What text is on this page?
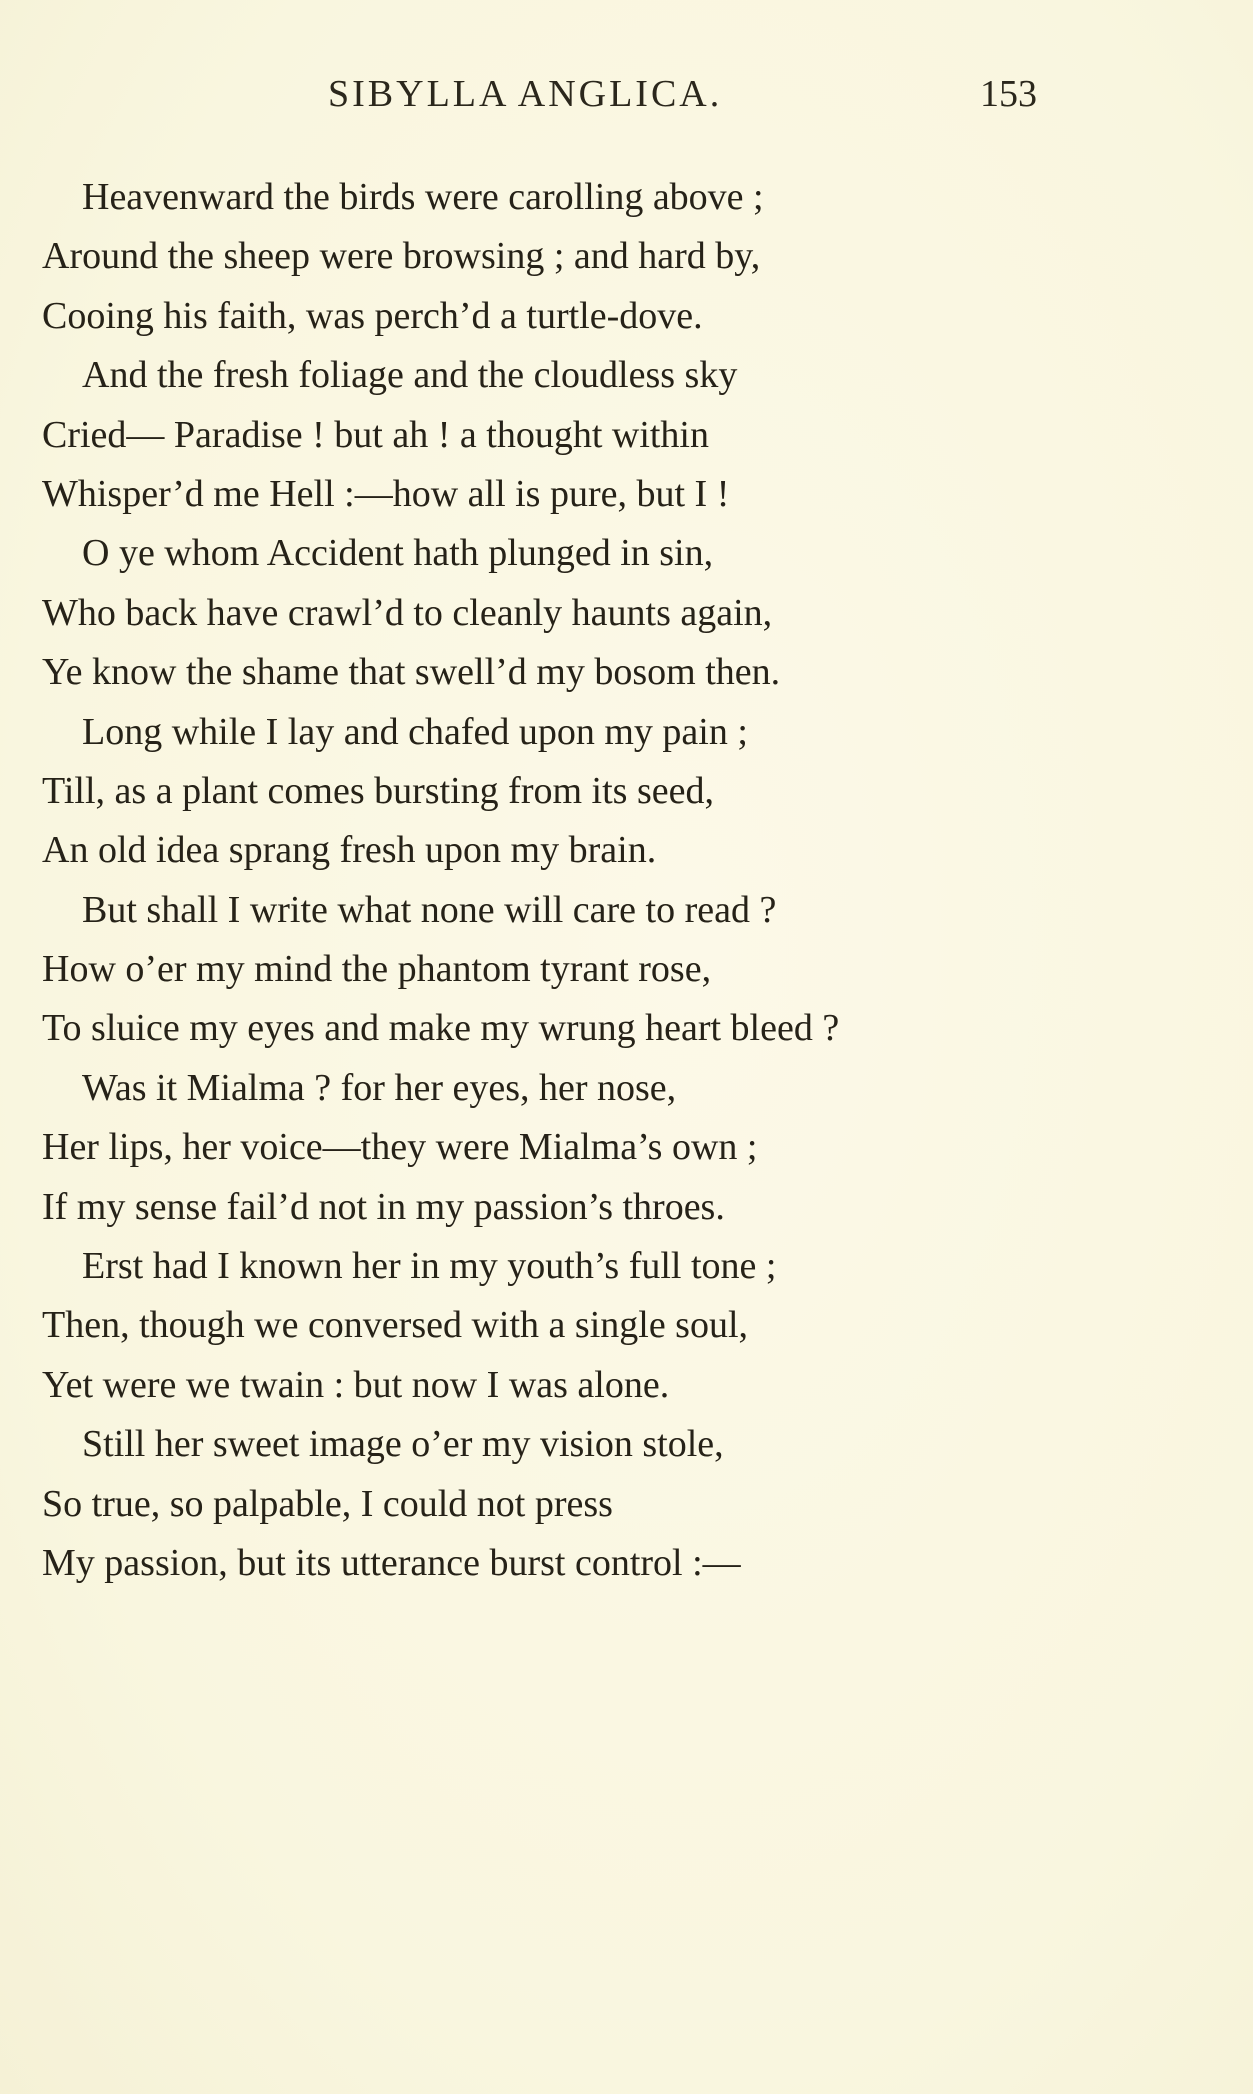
SIBYLLA ANGLICA.	153
Heavenward the birds were carolling above ;
Around the sheep were browsing ; and hard by,
Cooing his faith, was perch’d a turtle-dove.
And the fresh foliage and the cloudless sky
Cried— Paradise ! but ah ! a thought within
Whisper’d me Hell :—how all is pure, but I !
O ye whom Accident hath plunged in sin,
Who back have crawl’d to cleanly haunts again,
Ye know the shame that swell’d my bosom then.
Long while I lay and chafed upon my pain ;
Till, as a plant comes bursting from its seed,
An old idea sprang fresh upon my brain.
But shall I write what none will care to read ?
How o’er my mind the phantom tyrant rose,
To sluice my eyes and make my wrung heart bleed ?
Was it Mialma ? for her eyes, her nose,
Her lips, her voice—they were Mialma’s own ;
If my sense fail’d not in my passion’s throes.
Erst had I known her in my youth’s full tone ;
Then, though we conversed with a single soul,
Yet were we twain : but now I was alone.
Still her sweet image o’er my vision stole,
So true, so palpable, I could not press
My passion, but its utterance burst control :—
